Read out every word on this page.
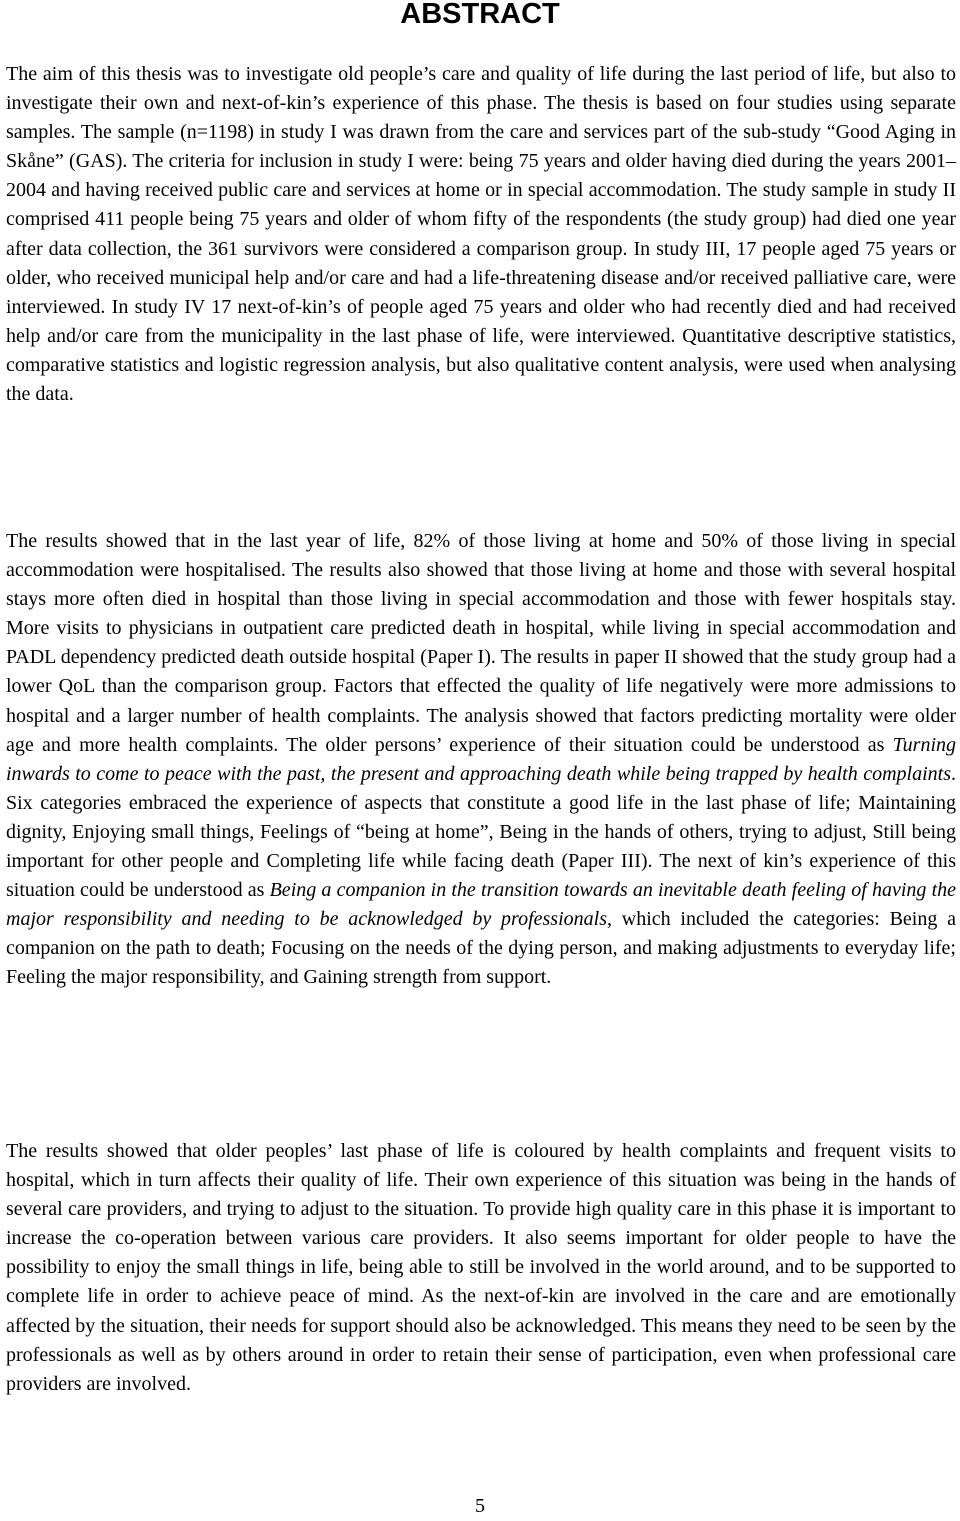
ABSTRACT

The aim of this thesis was to investigate old people’s care and quality of life during the last period of life, but also to investigate their own and next-of-kin’s experience of this phase. The thesis is based on four studies using separate samples. The sample (n=1198) in study I was drawn from the care and services part of the sub-study “Good Aging in Skåne” (GAS). The criteria for inclusion in study I were: being 75 years and older having died during the years 2001–2004 and having received public care and services at home or in special accommodation. The study sample in study II comprised 411 people being 75 years and older of whom fifty of the respondents (the study group) had died one year after data collection, the 361 survivors were considered a comparison group. In study III, 17 people aged 75 years or older, who received municipal help and/or care and had a life-threatening disease and/or received palliative care, were interviewed. In study IV 17 next-of-kin’s of people aged 75 years and older who had recently died and had received help and/or care from the municipality in the last phase of life, were interviewed. Quantitative descriptive statistics, comparative statistics and logistic regression analysis, but also qualitative content analysis, were used when analysing the data.

The results showed that in the last year of life, 82% of those living at home and 50% of those living in special accommodation were hospitalised. The results also showed that those living at home and those with several hospital stays more often died in hospital than those living in special accommodation and those with fewer hospitals stay. More visits to physicians in outpatient care predicted death in hospital, while living in special accommodation and PADL dependency predicted death outside hospital (Paper I). The results in paper II showed that the study group had a lower QoL than the comparison group. Factors that effected the quality of life negatively were more admissions to hospital and a larger number of health complaints. The analysis showed that factors predicting mortality were older age and more health complaints. The older persons’ experience of their situation could be understood as Turning inwards to come to peace with the past, the present and approaching death while being trapped by health complaints. Six categories embraced the experience of aspects that constitute a good life in the last phase of life; Maintaining dignity, Enjoying small things, Feelings of “being at home”, Being in the hands of others, trying to adjust, Still being important for other people and Completing life while facing death (Paper III). The next of kin’s experience of this situation could be understood as Being a companion in the transition towards an inevitable death feeling of having the major responsibility and needing to be acknowledged by professionals, which included the categories: Being a companion on the path to death; Focusing on the needs of the dying person, and making adjustments to everyday life; Feeling the major responsibility, and Gaining strength from support.

The results showed that older peoples’ last phase of life is coloured by health complaints and frequent visits to hospital, which in turn affects their quality of life. Their own experience of this situation was being in the hands of several care providers, and trying to adjust to the situation. To provide high quality care in this phase it is important to increase the co-operation between various care providers. It also seems important for older people to have the possibility to enjoy the small things in life, being able to still be involved in the world around, and to be supported to complete life in order to achieve peace of mind. As the next-of-kin are involved in the care and are emotionally affected by the situation, their needs for support should also be acknowledged. This means they need to be seen by the professionals as well as by others around in order to retain their sense of participation, even when professional care providers are involved.

5
